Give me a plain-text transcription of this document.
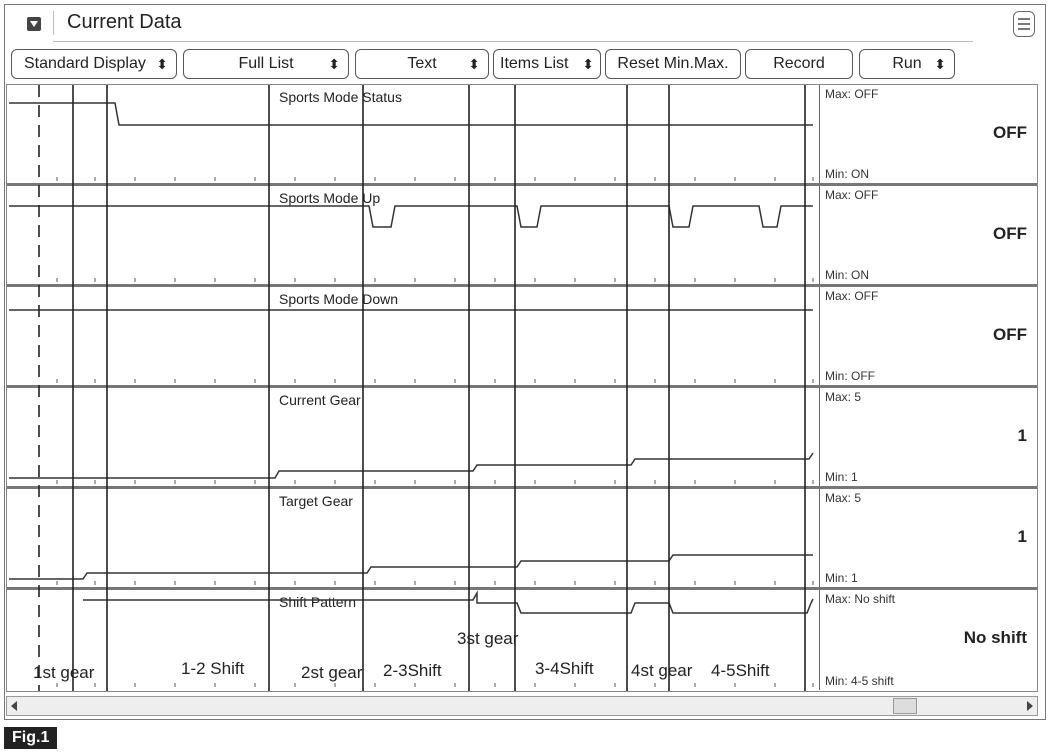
Current Data
Standard Display ⬍	Full List ⬍	Text ⬍	Items List ⬍	Reset Min.Max.	Record	Run ⬍
Sports Mode Status	Max: OFF
OFF
Min: ON
Sports Mode Up	Max: OFF
OFF
Min: ON
Sports Mode Down	Max: OFF
OFF
Min: OFF
Current Gear	Max: 5
1
Min: 1
Target Gear	Max: 5
1
Min: 1
Shift Pattern	Max: No shift
No shift
Min: 4-5 shift
1st gear	1-2 Shift	2st gear 2-3Shift
3st gear
3-4Shift 4st gear 4-5Shift
Fig.1
